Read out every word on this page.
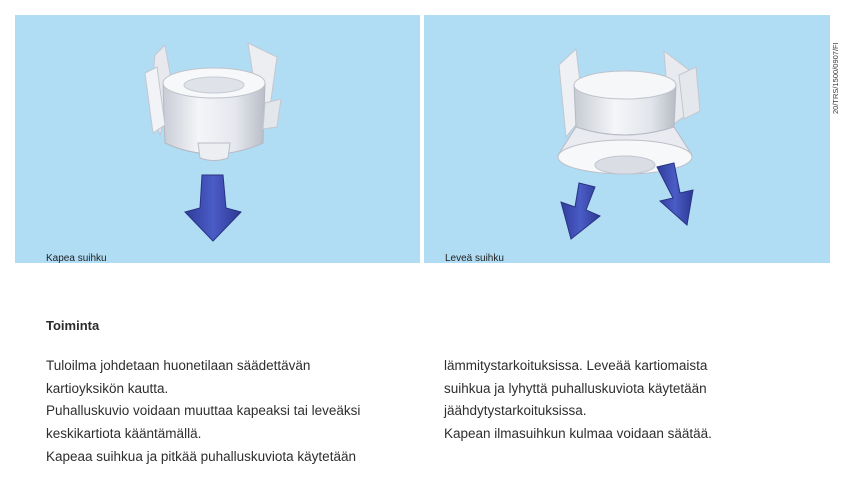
Kapea suihku	Leveä suihku
20/TRS/1500/0907/FI
Toiminta
Tuloilma johdetaan huonetilaan säädettävän
kartioyksikön kautta.
Puhalluskuvio voidaan muuttaa kapeaksi tai leveäksi
keskikartiota kääntämällä.
Kapeaa suihkua ja pitkää puhalluskuviota käytetään
lämmitystarkoituksissa. Leveää kartiomaista
suihkua ja lyhyttä puhalluskuviota käytetään
jäähdytystarkoituksissa.
Kapean ilmasuihkun kulmaa voidaan säätää.
